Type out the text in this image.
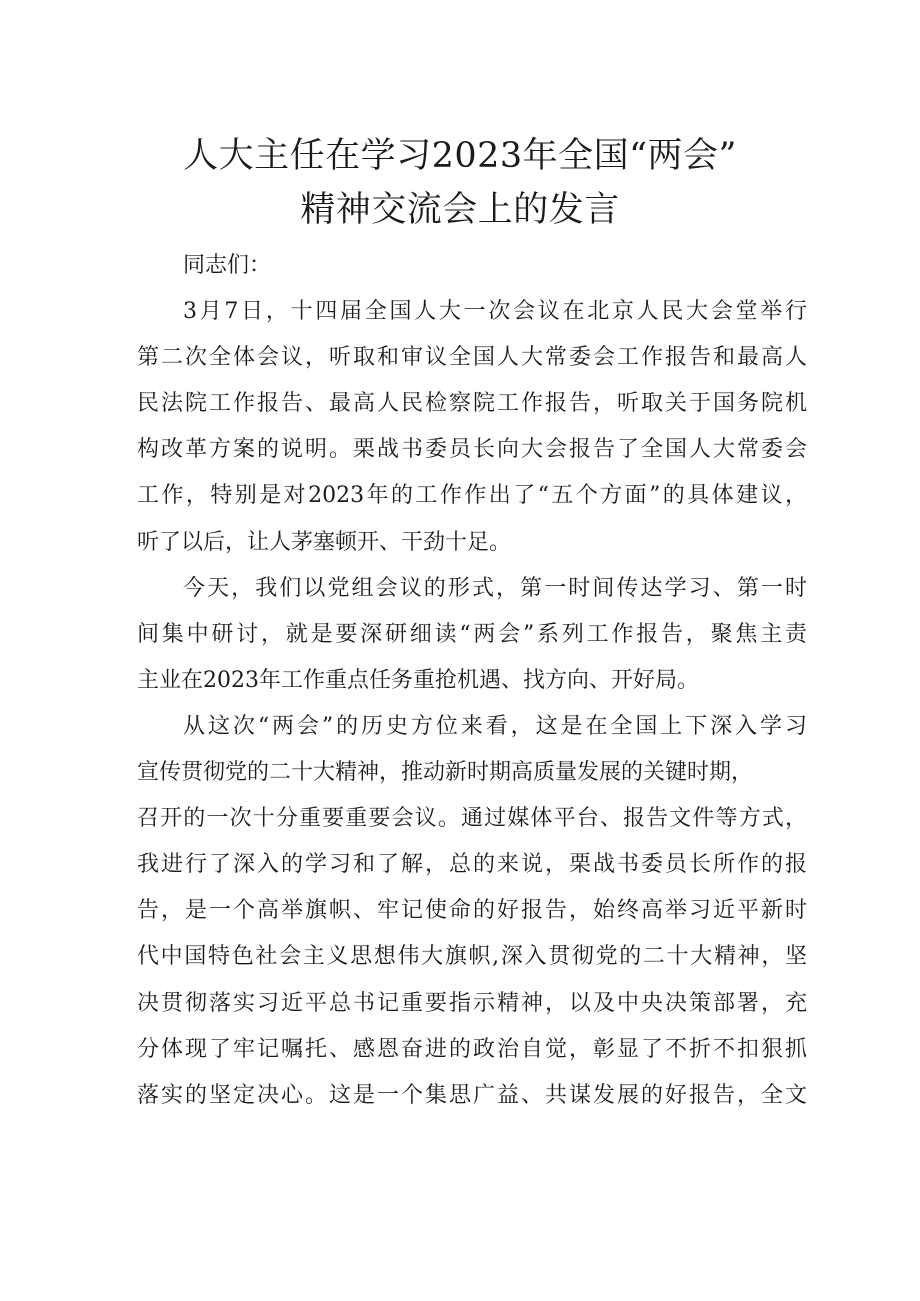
人大主任在学习2023年全国“两会”
精神交流会上的发言
同志们：
3月7日，十四届全国人大一次会议在北京人民大会堂举行
第二次全体会议，听取和审议全国人大常委会工作报告和最高人
民法院工作报告、最高人民检察院工作报告，听取关于国务院机
构改革方案的说明。栗战书委员长向大会报告了全国人大常委会
工作，特别是对2023年的工作作出了“五个方面”的具体建议，
听了以后，让人茅塞顿开、干劲十足。
今天，我们以党组会议的形式，第一时间传达学习、第一时
间集中研讨，就是要深研细读“两会”系列工作报告，聚焦主责
主业在2023年工作重点任务重抢机遇、找方向、开好局。
从这次“两会”的历史方位来看，这是在全国上下深入学习
宣传贯彻党的二十大精神，推动新时期高质量发展的关键时期，
召开的一次十分重要重要会议。通过媒体平台、报告文件等方式，
我进行了深入的学习和了解，总的来说，栗战书委员长所作的报
告，是一个高举旗帜、牢记使命的好报告，始终高举习近平新时
代中国特色社会主义思想伟大旗帜,深入贯彻党的二十大精神，坚
决贯彻落实习近平总书记重要指示精神，以及中央决策部署，充
分体现了牢记嘱托、感恩奋进的政治自觉，彰显了不折不扣狠抓
落实的坚定决心。这是一个集思广益、共谋发展的好报告，全文
